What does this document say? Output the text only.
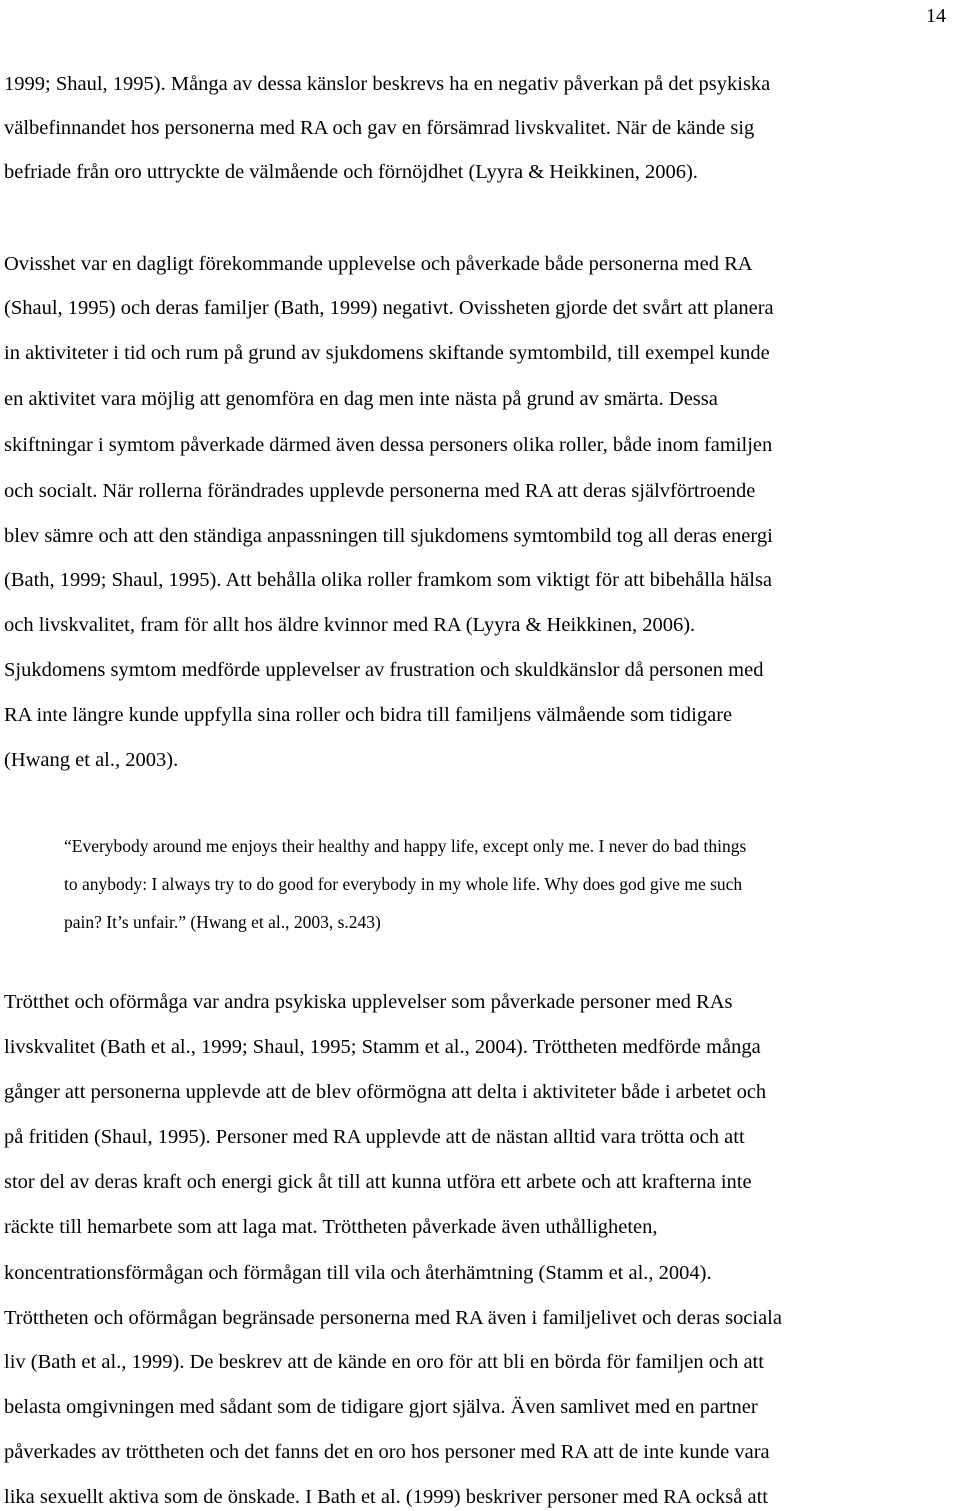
14
1999; Shaul, 1995). Många av dessa känslor beskrevs ha en negativ påverkan på det psykiska
välbefinnandet hos personerna med RA och gav en försämrad livskvalitet. När de kände sig
befriade från oro uttryckte de välmående och förnöjdhet (Lyyra & Heikkinen, 2006).
Ovisshet var en dagligt förekommande upplevelse och påverkade både personerna med RA
(Shaul, 1995) och deras familjer (Bath, 1999) negativt. Ovissheten gjorde det svårt att planera
in aktiviteter i tid och rum på grund av sjukdomens skiftande symtombild, till exempel kunde
en aktivitet vara möjlig att genomföra en dag men inte nästa på grund av smärta. Dessa
skiftningar i symtom påverkade därmed även dessa personers olika roller, både inom familjen
och socialt. När rollerna förändrades upplevde personerna med RA att deras självförtroende
blev sämre och att den ständiga anpassningen till sjukdomens symtombild tog all deras energi
(Bath, 1999; Shaul, 1995). Att behålla olika roller framkom som viktigt för att bibehålla hälsa
och livskvalitet, fram för allt hos äldre kvinnor med RA (Lyyra & Heikkinen, 2006).
Sjukdomens symtom medförde upplevelser av frustration och skuldkänslor då personen med
RA inte längre kunde uppfylla sina roller och bidra till familjens välmående som tidigare
(Hwang et al., 2003).
“Everybody around me enjoys their healthy and happy life, except only me. I never do bad things
to anybody: I always try to do good for everybody in my whole life. Why does god give me such
pain? It’s unfair.” (Hwang et al., 2003, s.243)
Trötthet och oförmåga var andra psykiska upplevelser som påverkade personer med RAs
livskvalitet (Bath et al., 1999; Shaul, 1995; Stamm et al., 2004). Tröttheten medförde många
gånger att personerna upplevde att de blev oförmögna att delta i aktiviteter både i arbetet och
på fritiden (Shaul, 1995). Personer med RA upplevde att de nästan alltid vara trötta och att
stor del av deras kraft och energi gick åt till att kunna utföra ett arbete och att krafterna inte
räckte till hemarbete som att laga mat. Tröttheten påverkade även uthålligheten,
koncentrationsförmågan och förmågan till vila och återhämtning (Stamm et al., 2004).
Tröttheten och oförmågan begränsade personerna med RA även i familjelivet och deras sociala
liv (Bath et al., 1999). De beskrev att de kände en oro för att bli en börda för familjen och att
belasta omgivningen med sådant som de tidigare gjort själva. Även samlivet med en partner
påverkades av tröttheten och det fanns det en oro hos personer med RA att de inte kunde vara
lika sexuellt aktiva som de önskade. I Bath et al. (1999) beskriver personer med RA också att
